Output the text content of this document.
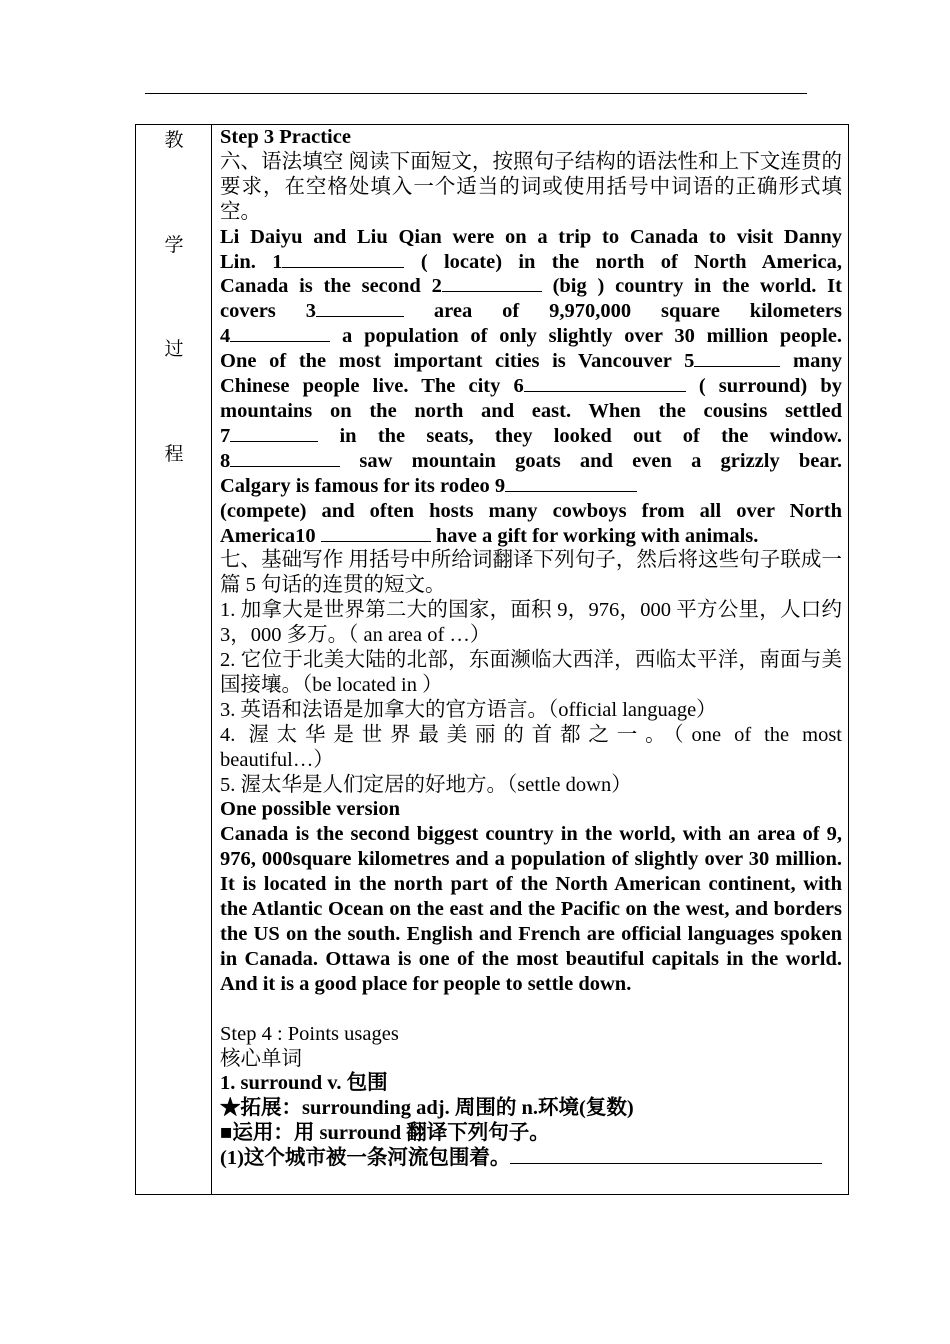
教
学
过
程

Step 3 Practice

六、语法填空 阅读下面短文，按照句子结构的语法性和上下文连贯的要求，在空格处填入一个适当的词或使用括号中词语的正确形式填空。

Li Daiyu and Liu Qian were on a trip to Canada to visit Danny

Lin. 1	( locate) in the north of North America,

Canada is the second 2	(big ) country in the world. It

covers 3	area of 9,970,000 square kilometers

4	a population of only slightly over 30 million people.

One of the most important cities is Vancouver 5	many

Chinese people live. The city 6	( surround) by

mountains on the north and east. When the cousins settled

7	in the seats, they looked out of the window.

8	saw mountain goats and even a grizzly bear.

Calgary is famous for its rodeo 9

(compete) and often hosts many cowboys from all over North

America10	have a gift for working with animals.

七、基础写作 用括号中所给词翻译下列句子，然后将这些句子联成一篇 5 句话的连贯的短文。

1. 加拿大是世界第二大的国家，面积 9，976，000 平方公里，人口约 3，000 多万。（ an area of …）

2. 它位于北美大陆的北部，东面濒临大西洋，西临太平洋，南面与美国接壤。（be located in ）

3. 英语和法语是加拿大的官方语言。（official language）

4. 渥太华是世界最美丽的首都之一。（one of the most

beautiful…）

5. 渥太华是人们定居的好地方。（settle down）

One possible version

Canada is the second biggest country in the world, with an area of 9, 976, 000square kilometres and a population of slightly over 30 million. It is located in the north part of the North American continent, with the Atlantic Ocean on the east and the Pacific on the west, and borders the US on the south. English and French are official languages spoken in Canada. Ottawa is one of the most beautiful capitals in the world. And it is a good place for people to settle down.

Step 4 : Points usages

核心单词

1. surround v. 包围

★拓展：surrounding adj. 周围的 n.环境(复数)

■运用：用 surround 翻译下列句子。

(1)这个城市被一条河流包围着。
